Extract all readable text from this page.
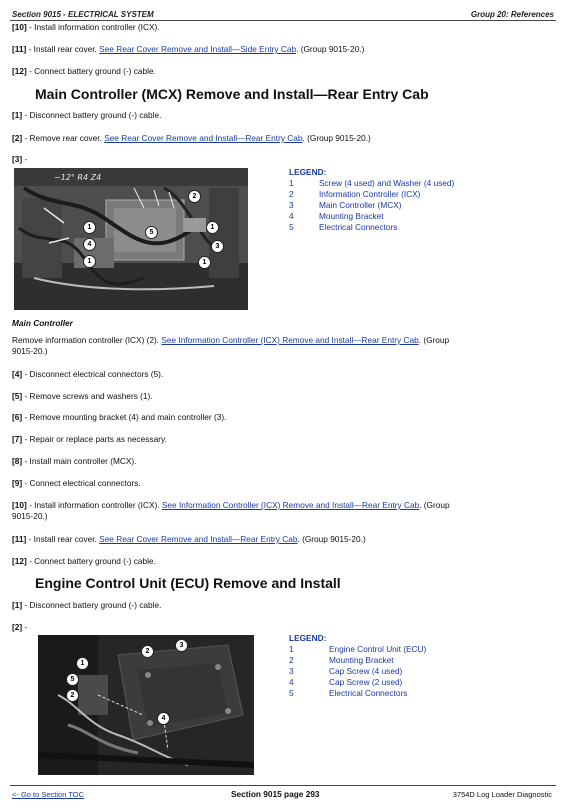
Section 9015 - ELECTRICAL SYSTEM	Group 20: References
[10] - Install information controller (ICX).
[11] - Install rear cover. See Rear Cover Remove and Install—Side Entry Cab. (Group 9015-20.)
[12] - Connect battery ground (-) cable.
Main Controller (MCX) Remove and Install—Rear Entry Cab
[1] - Disconnect battery ground (-) cable.
[2] - Remove rear cover. See Rear Cover Remove and Install—Rear Entry Cab. (Group 9015-20.)
[3] -
~12° R4 Z4
2
5
1	1
4	3
1	1
LEGEND:
1	Screw (4 used) and Washer (4 used)
2	Information Controller (ICX)
3	Main Controller (MCX)
4	Mounting Bracket
5	Electrical Connectors
Main Controller
Remove information controller (ICX) (2). See Information Controller (ICX) Remove and Install—Rear Entry Cab. (Group
9015-20.)
[4] - Disconnect electrical connectors (5).
[5] - Remove screws and washers (1).
[6] - Remove mounting bracket (4) and main controller (3).
[7] - Repair or replace parts as necessary.
[8] - Install main controller (MCX).
[9] - Connect electrical connectors.
[10] - Install information controller (ICX). See Information Controller (ICX) Remove and Install—Rear Entry Cab. (Group
9015-20.)
[11] - Install rear cover. See Rear Cover Remove and Install—Rear Entry Cab. (Group 9015-20.)
[12] - Connect battery ground (-) cable.
Engine Control Unit (ECU) Remove and Install
[1] - Disconnect battery ground (-) cable.
[2] -
2
3
1
5
2
4
LEGEND:
1	Engine Control Unit (ECU)
2	Mounting Bracket
3	Cap Screw (4 used)
4	Cap Screw (2 used)
5	Electrical Connectors
<- Go to Section TOC	Section 9015 page 293	3754D Log Loader Diagnostic
